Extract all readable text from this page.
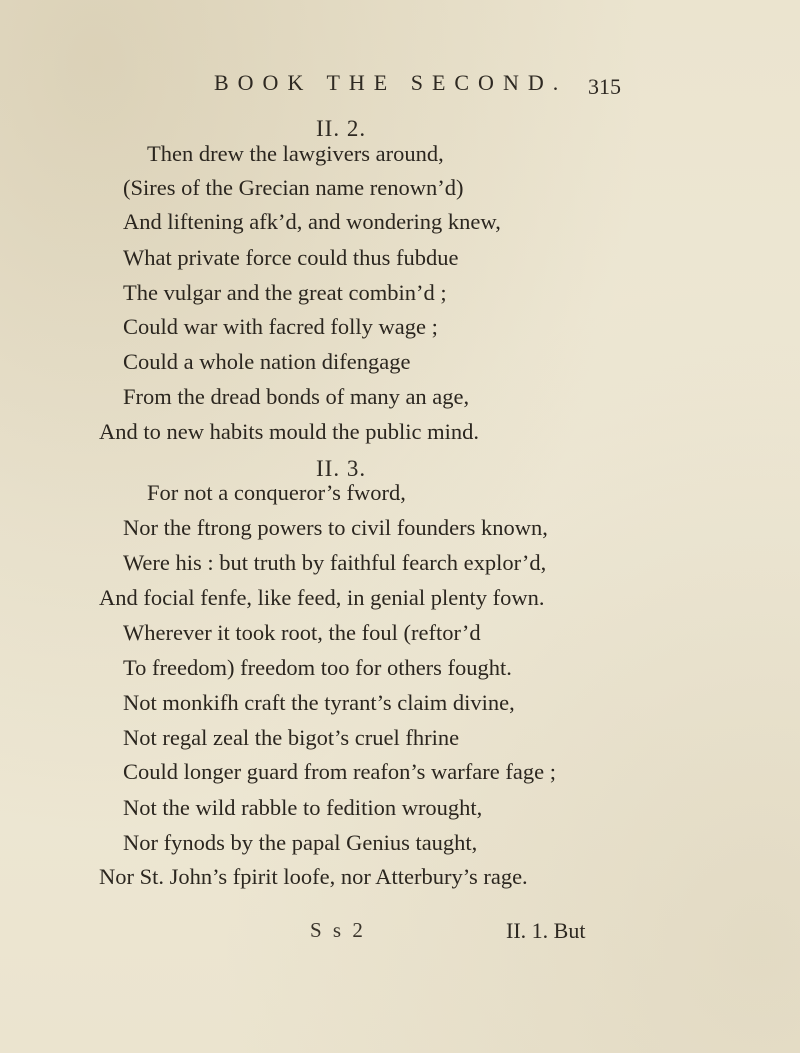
BOOK THE SECOND. 315
II. 2.
Then drew the lawgivers around,
(Sires of the Grecian name renown’d)
And liftening afk’d, and wondering knew,
What private force could thus fubdue
The vulgar and the great combin’d ;
Could war with facred folly wage ;
Could a whole nation difengage
From the dread bonds of many an age,
And to new habits mould the public mind.
II. 3.
For not a conqueror’s fword,
Nor the ftrong powers to civil founders known,
Were his : but truth by faithful fearch explor’d,
And focial fenfe, like feed, in genial plenty fown.
Wherever it took root, the foul (reftor’d
To freedom) freedom too for others fought.
Not monkifh craft the tyrant’s claim divine,
Not regal zeal the bigot’s cruel fhrine
Could longer guard from reafon’s warfare fage ;
Not the wild rabble to fedition wrought,
Nor fynods by the papal Genius taught,
Nor St. John’s fpirit loofe, nor Atterbury’s rage.
S s 2	II. 1. But
